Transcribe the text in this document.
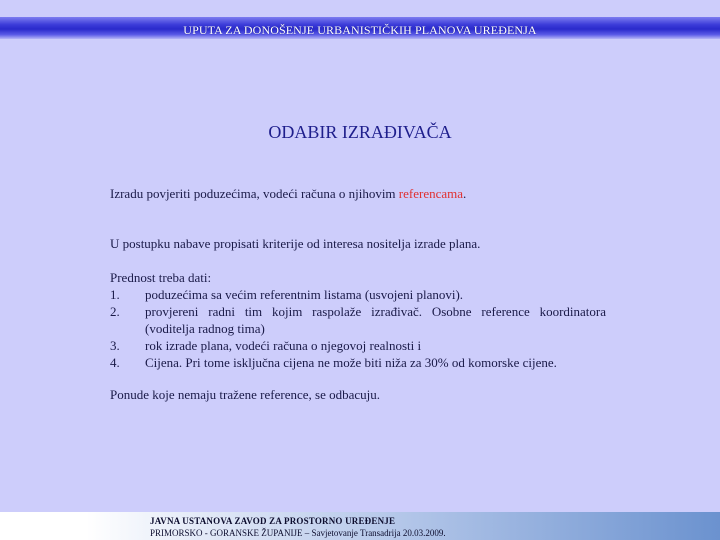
UPUTA ZA DONOŠENJE URBANISTIČKIH PLANOVA UREĐENJA
ODABIR IZRAĐIVAČA
Izradu povjeriti poduzećima, vodeći računa o njihovim referencama.
U postupku nabave propisati kriterije od interesa nositelja izrade plana.
Prednost treba dati:
1.	poduzećima sa većim referentnim listama (usvojeni planovi).
2.	provjereni radni tim kojim raspolaže izrađivač. Osobne reference koordinatora (voditelja radnog tima)
3.	rok izrade plana, vodeći računa o njegovoj realnosti i
4.	Cijena. Pri tome isključna cijena ne može biti niža za 30% od komorske cijene.
Ponude koje nemaju tražene reference, se odbacuju.
JAVNA USTANOVA ZAVOD ZA PROSTORNO UREĐENJE
PRIMORSKO - GORANSKE ŽUPANIJE – Savjetovanje Transadrija 20.03.2009.
